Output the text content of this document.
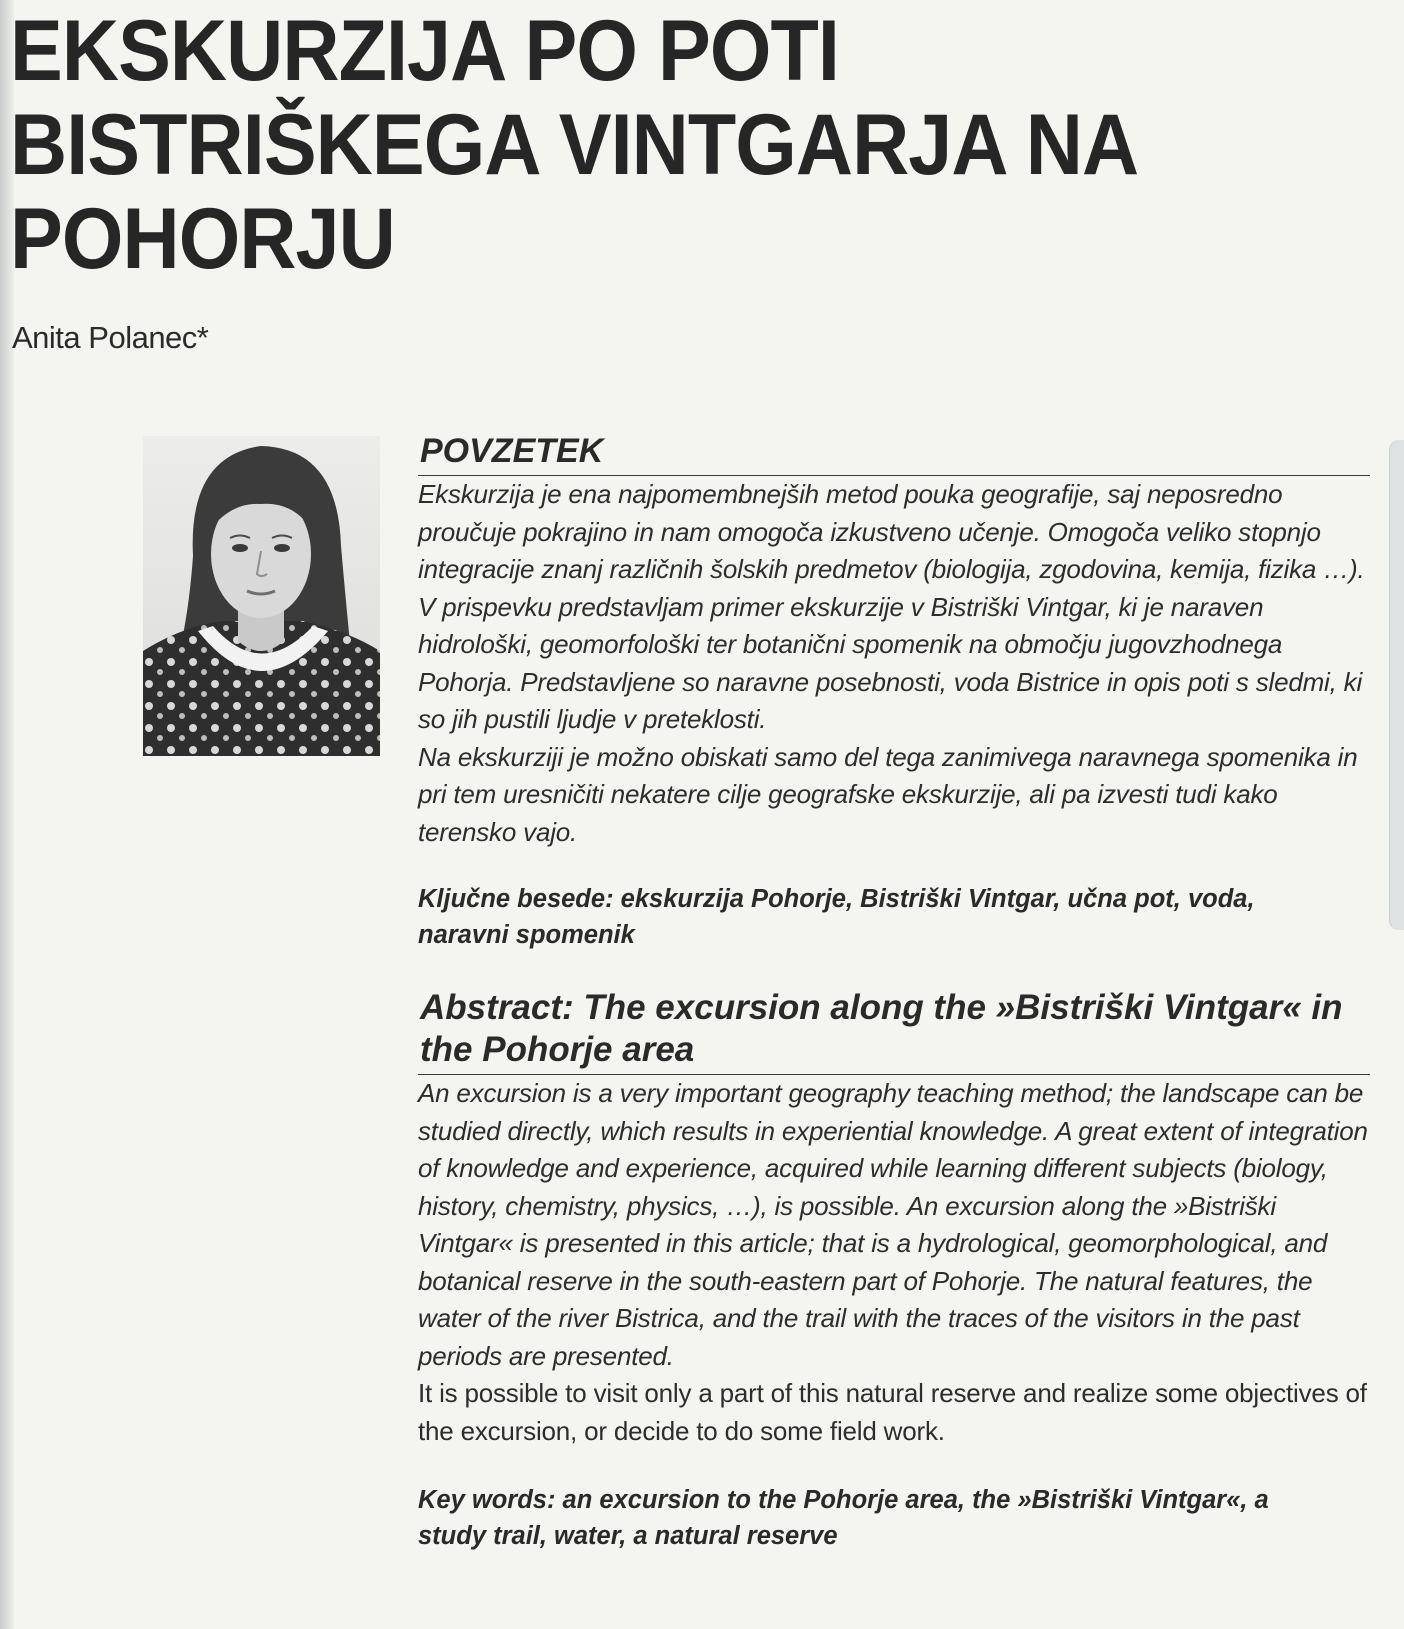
EKSKURZIJA PO POTI BISTRIŠKEGA VINTGARJA NA POHORJU
Anita Polanec*
POVZETEK

Ekskurzija je ena najpomembnejših metod pouka geografije, saj neposredno proučuje pokrajino in nam omogoča izkustveno učenje. Omogoča veliko stopnjo integracije znanj različnih šolskih predmetov (biologija, zgodovina, kemija, fizika …). V prispevku predstavljam primer ekskurzije v Bistriški Vintgar, ki je naraven hidrološki, geomorfološki ter botanični spomenik na območju jugovzhodnega Pohorja. Predstavljene so naravne posebnosti, voda Bistrice in opis poti s sledmi, ki so jih pustili ljudje v preteklosti.

Na ekskurziji je možno obiskati samo del tega zanimivega naravnega spomenika in pri tem uresničiti nekatere cilje geografske ekskurzije, ali pa izvesti tudi kako terensko vajo.

Ključne besede: ekskurzija Pohorje, Bistriški Vintgar, učna pot, voda, naravni spomenik

Abstract: The excursion along the »Bistriški Vintgar« in the Pohorje area

An excursion is a very important geography teaching method; the landscape can be studied directly, which results in experiential knowledge. A great extent of integration of knowledge and experience, acquired while learning different subjects (biology, history, chemistry, physics, …), is possible. An excursion along the »Bistriški Vintgar« is presented in this article; that is a hydrological, geomorphological, and botanical reserve in the south-eastern part of Pohorje. The natural features, the water of the river Bistrica, and the trail with the traces of the visitors in the past periods are presented.

It is possible to visit only a part of this natural reserve and realize some objectives of the excursion, or decide to do some field work.

Key words: an excursion to the Pohorje area, the »Bistriški Vintgar«, a study trail, water, a natural reserve
